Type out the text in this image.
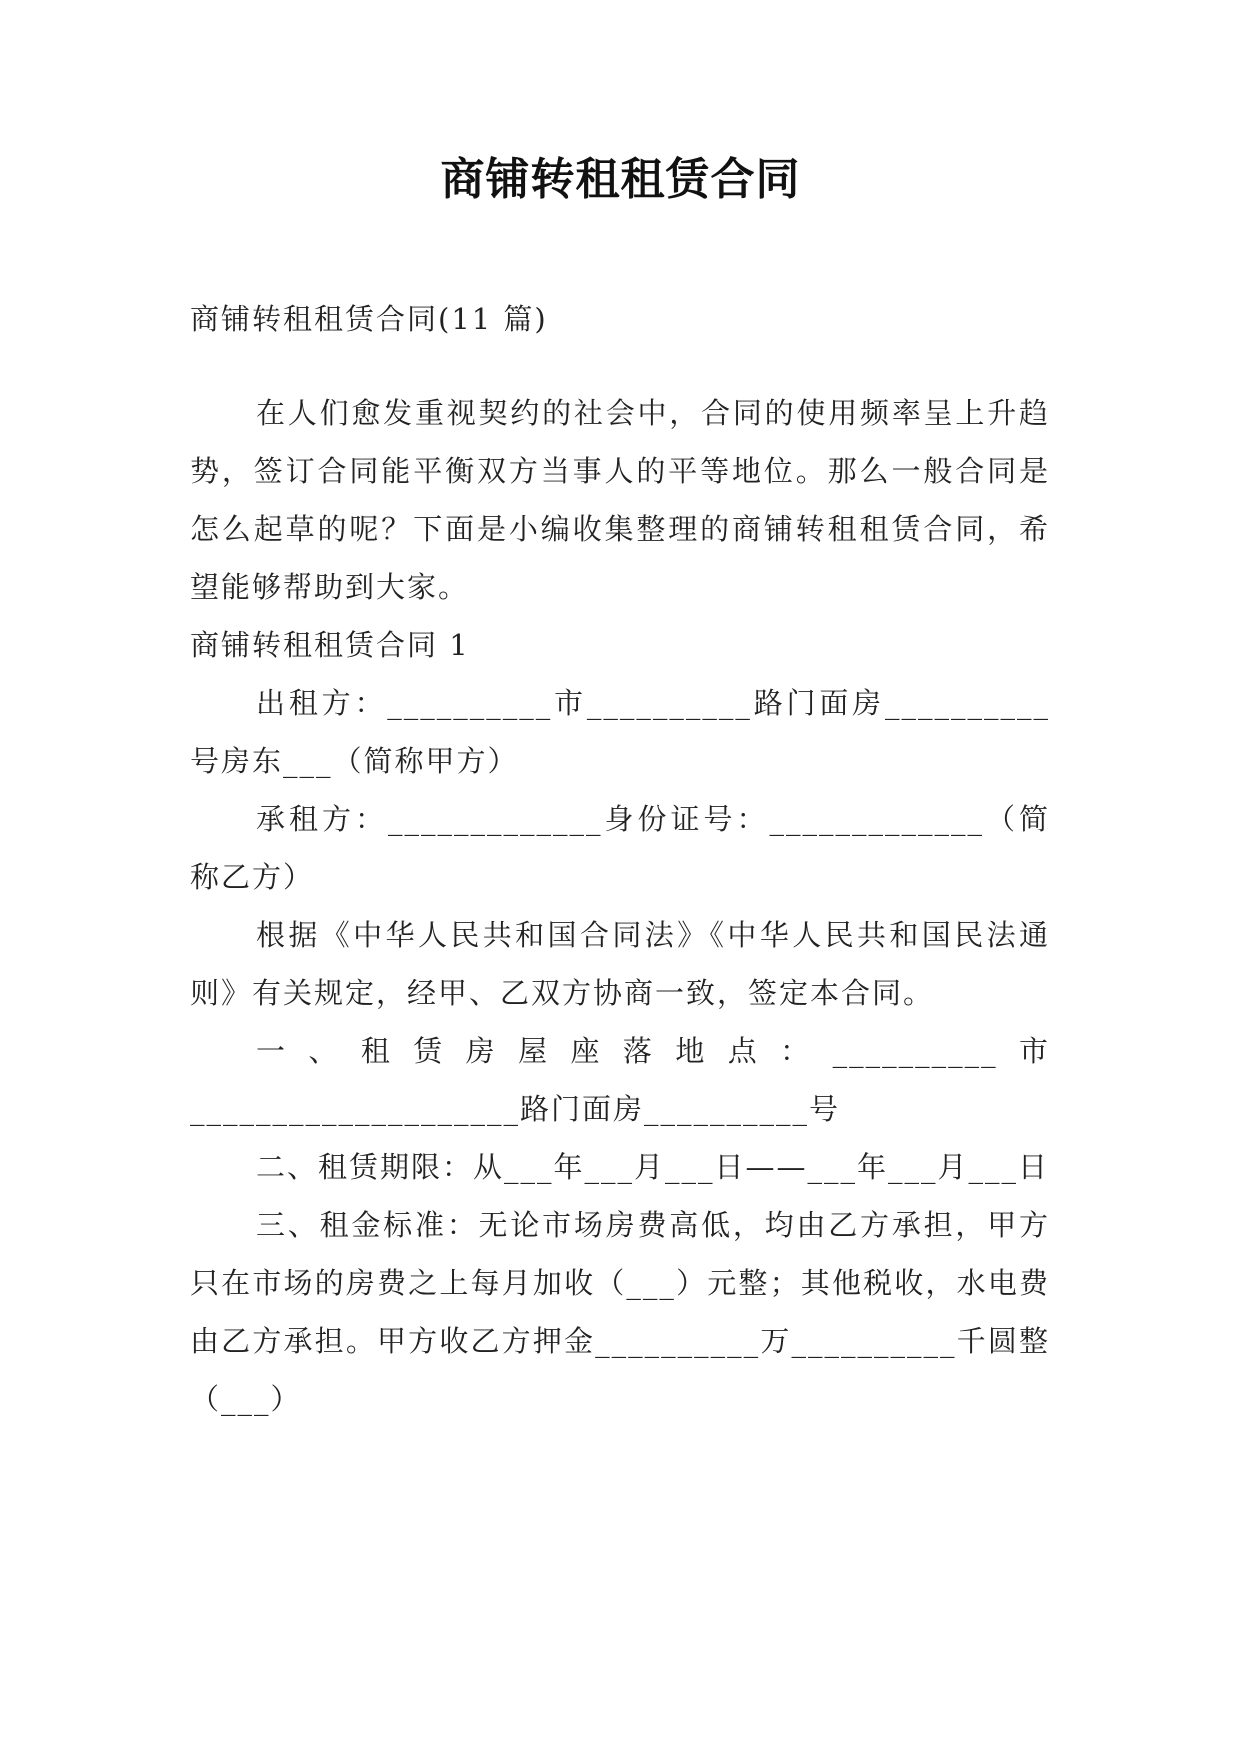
商铺转租租赁合同

商铺转租租赁合同(11 篇)

在人们愈发重视契约的社会中，合同的使用频率呈上升趋势，签订合同能平衡双方当事人的平等地位。那么一般合同是怎么起草的呢？下面是小编收集整理的商铺转租租赁合同，希望能够帮助到大家。

商铺转租租赁合同 1

出租方：__________市__________路门面房__________号房东___（简称甲方）

承租方：_____________身份证号：_____________（简称乙方）

根据《中华人民共和国合同法》《中华人民共和国民法通则》有关规定，经甲、乙双方协商一致，签定本合同。

一、租赁房屋座落地点：__________市____________________路门面房__________号

二、租赁期限：从___年___月___日——___年___月___日

三、租金标准：无论市场房费高低，均由乙方承担，甲方只在市场的房费之上每月加收（___）元整；其他税收，水电费由乙方承担。甲方收乙方押金__________万__________千圆整（___）
